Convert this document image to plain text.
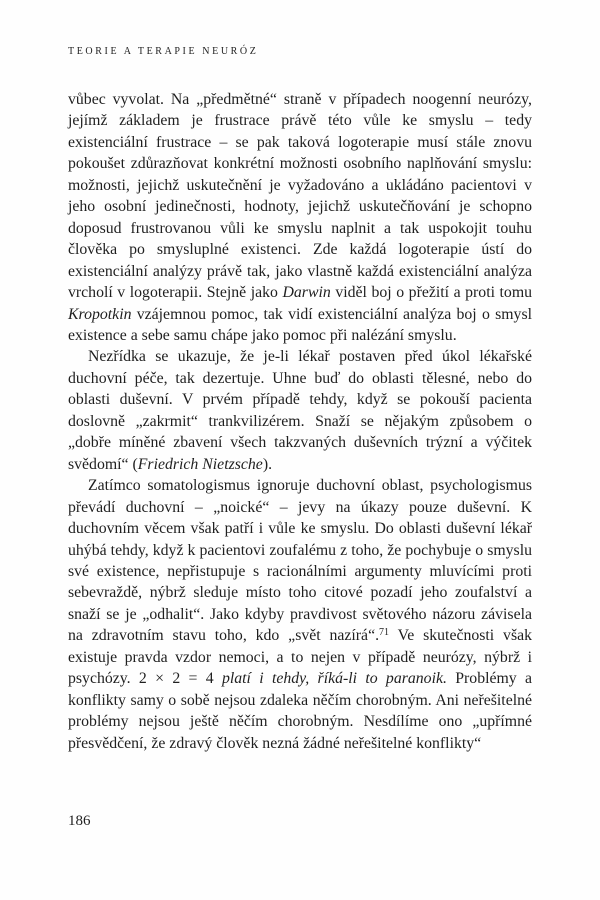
TEORIE A TERAPIE NEURÓZ

vůbec vyvolat. Na „předmětné“ straně v případech noogenní neurózy, jejímž základem je frustrace právě této vůle ke smyslu – tedy existenciální frustrace – se pak taková logoterapie musí stále znovu pokoušet zdůrazňovat konkrétní možnosti osobního naplňování smyslu: možnosti, jejichž uskutečnění je vyžadováno a ukládáno pacientovi v jeho osobní jedinečnosti, hodnoty, jejichž uskutečňování je schopno doposud frustrovanou vůli ke smyslu naplnit a tak uspokojit touhu člověka po smysluplné existenci. Zde každá logoterapie ústí do existenciální analýzy právě tak, jako vlastně každá existenciální analýza vrcholí v logoterapii. Stejně jako Darwin viděl boj o přežití a proti tomu Kropotkin vzájemnou pomoc, tak vidí existenciální analýza boj o smysl existence a sebe samu chápe jako pomoc při nalézání smyslu.

Nezřídka se ukazuje, že je-li lékař postaven před úkol lékařské duchovní péče, tak dezertuje. Uhne buď do oblasti tělesné, nebo do oblasti duševní. V prvém případě tehdy, když se pokouší pacienta doslovně „zakrmit“ trankvilizérem. Snaží se nějakým způsobem o „dobře míněné zbavení všech takzvaných duševních trýzní a výčitek svědomí“ (Friedrich Nietzsche).

Zatímco somatologismus ignoruje duchovní oblast, psychologismus převádí duchovní – „noické“ – jevy na úkazy pouze duševní. K duchovním věcem však patří i vůle ke smyslu. Do oblasti duševní lékař uhýbá tehdy, když k pacientovi zoufalému z toho, že pochybuje o smyslu své existence, nepřistupuje s racionálními argumenty mluvícími proti sebevraždě, nýbrž sleduje místo toho citové pozadí jeho zoufalství a snaží se je „odhalit“. Jako kdyby pravdivost světového názoru závisela na zdravotním stavu toho, kdo „svět nazírá“.$^{71}$ Ve skutečnosti však existuje pravda vzdor nemoci, a to nejen v případě neurózy, nýbrž i psychózy. 2 × 2 = 4 platí i tehdy, říká-li to paranoik. Problémy a konflikty samy o sobě nejsou zdaleka něčím chorobným. Ani neřešitelné problémy nejsou ještě něčím chorobným. Nesdílíme ono „upřímné přesvědčení, že zdravý člověk nezná žádné neřešitelné konflikty“

186
